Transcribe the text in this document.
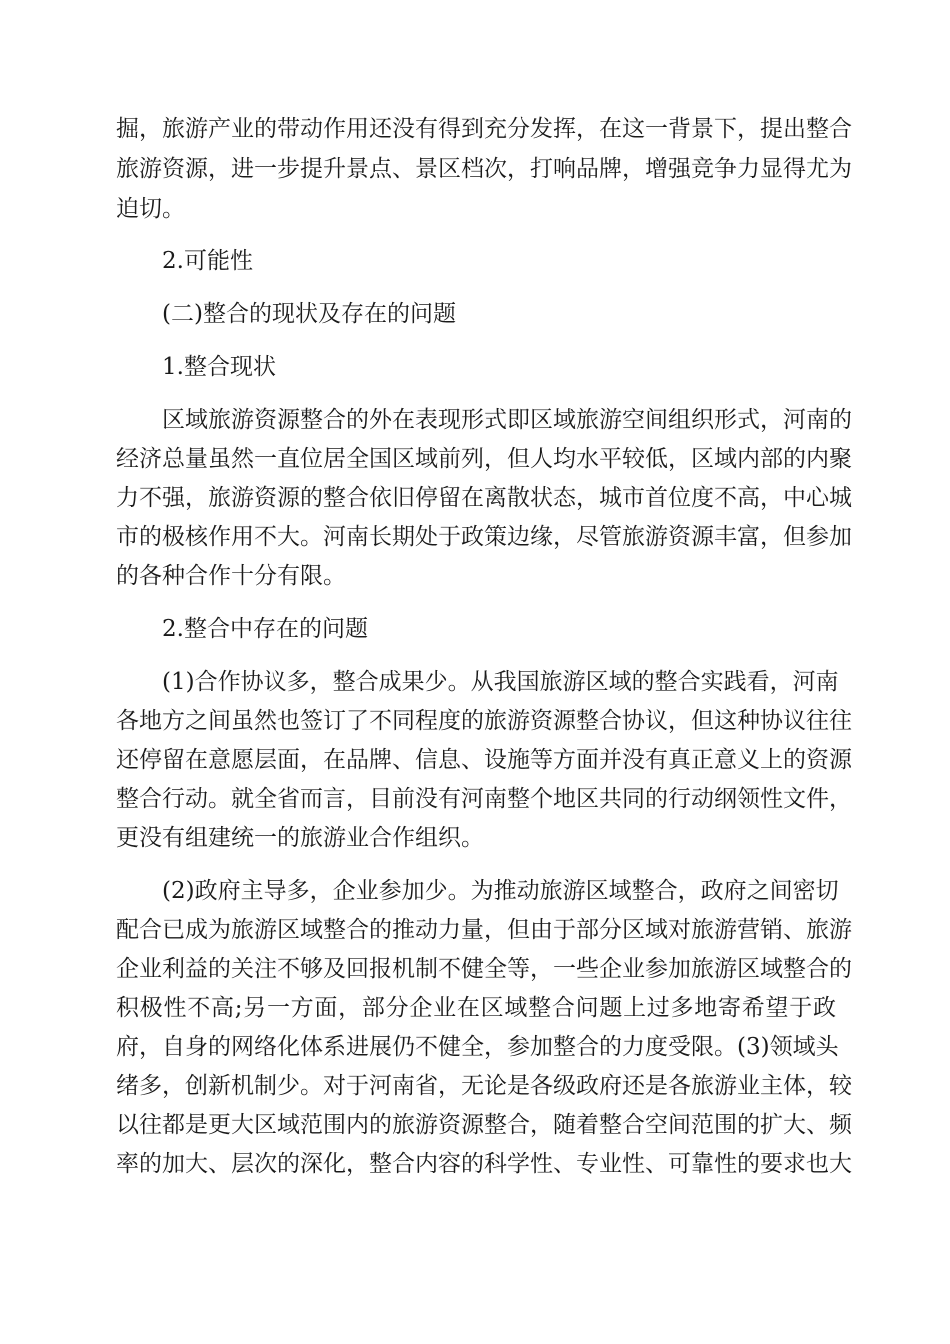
掘，旅游产业的带动作用还没有得到充分发挥，在这一背景下，提出整合

旅游资源，进一步提升景点、景区档次，打响品牌，增强竞争力显得尤为

迫切。

2.可能性

(二)整合的现状及存在的问题

1.整合现状

区域旅游资源整合的外在表现形式即区域旅游空间组织形式，河南的

经济总量虽然一直位居全国区域前列，但人均水平较低，区域内部的内聚

力不强，旅游资源的整合依旧停留在离散状态，城市首位度不高，中心城

市的极核作用不大。河南长期处于政策边缘，尽管旅游资源丰富，但参加

的各种合作十分有限。

2.整合中存在的问题

(1)合作协议多，整合成果少。从我国旅游区域的整合实践看，河南

各地方之间虽然也签订了不同程度的旅游资源整合协议，但这种协议往往

还停留在意愿层面，在品牌、信息、设施等方面并没有真正意义上的资源

整合行动。就全省而言，目前没有河南整个地区共同的行动纲领性文件，

更没有组建统一的旅游业合作组织。

(2)政府主导多，企业参加少。为推动旅游区域整合，政府之间密切

配合已成为旅游区域整合的推动力量，但由于部分区域对旅游营销、旅游

企业利益的关注不够及回报机制不健全等，一些企业参加旅游区域整合的

积极性不高;另一方面，部分企业在区域整合问题上过多地寄希望于政

府，自身的网络化体系进展仍不健全，参加整合的力度受限。(3)领域头

绪多，创新机制少。对于河南省，无论是各级政府还是各旅游业主体，较

以往都是更大区域范围内的旅游资源整合，随着整合空间范围的扩大、频

率的加大、层次的深化，整合内容的科学性、专业性、可靠性的要求也大
